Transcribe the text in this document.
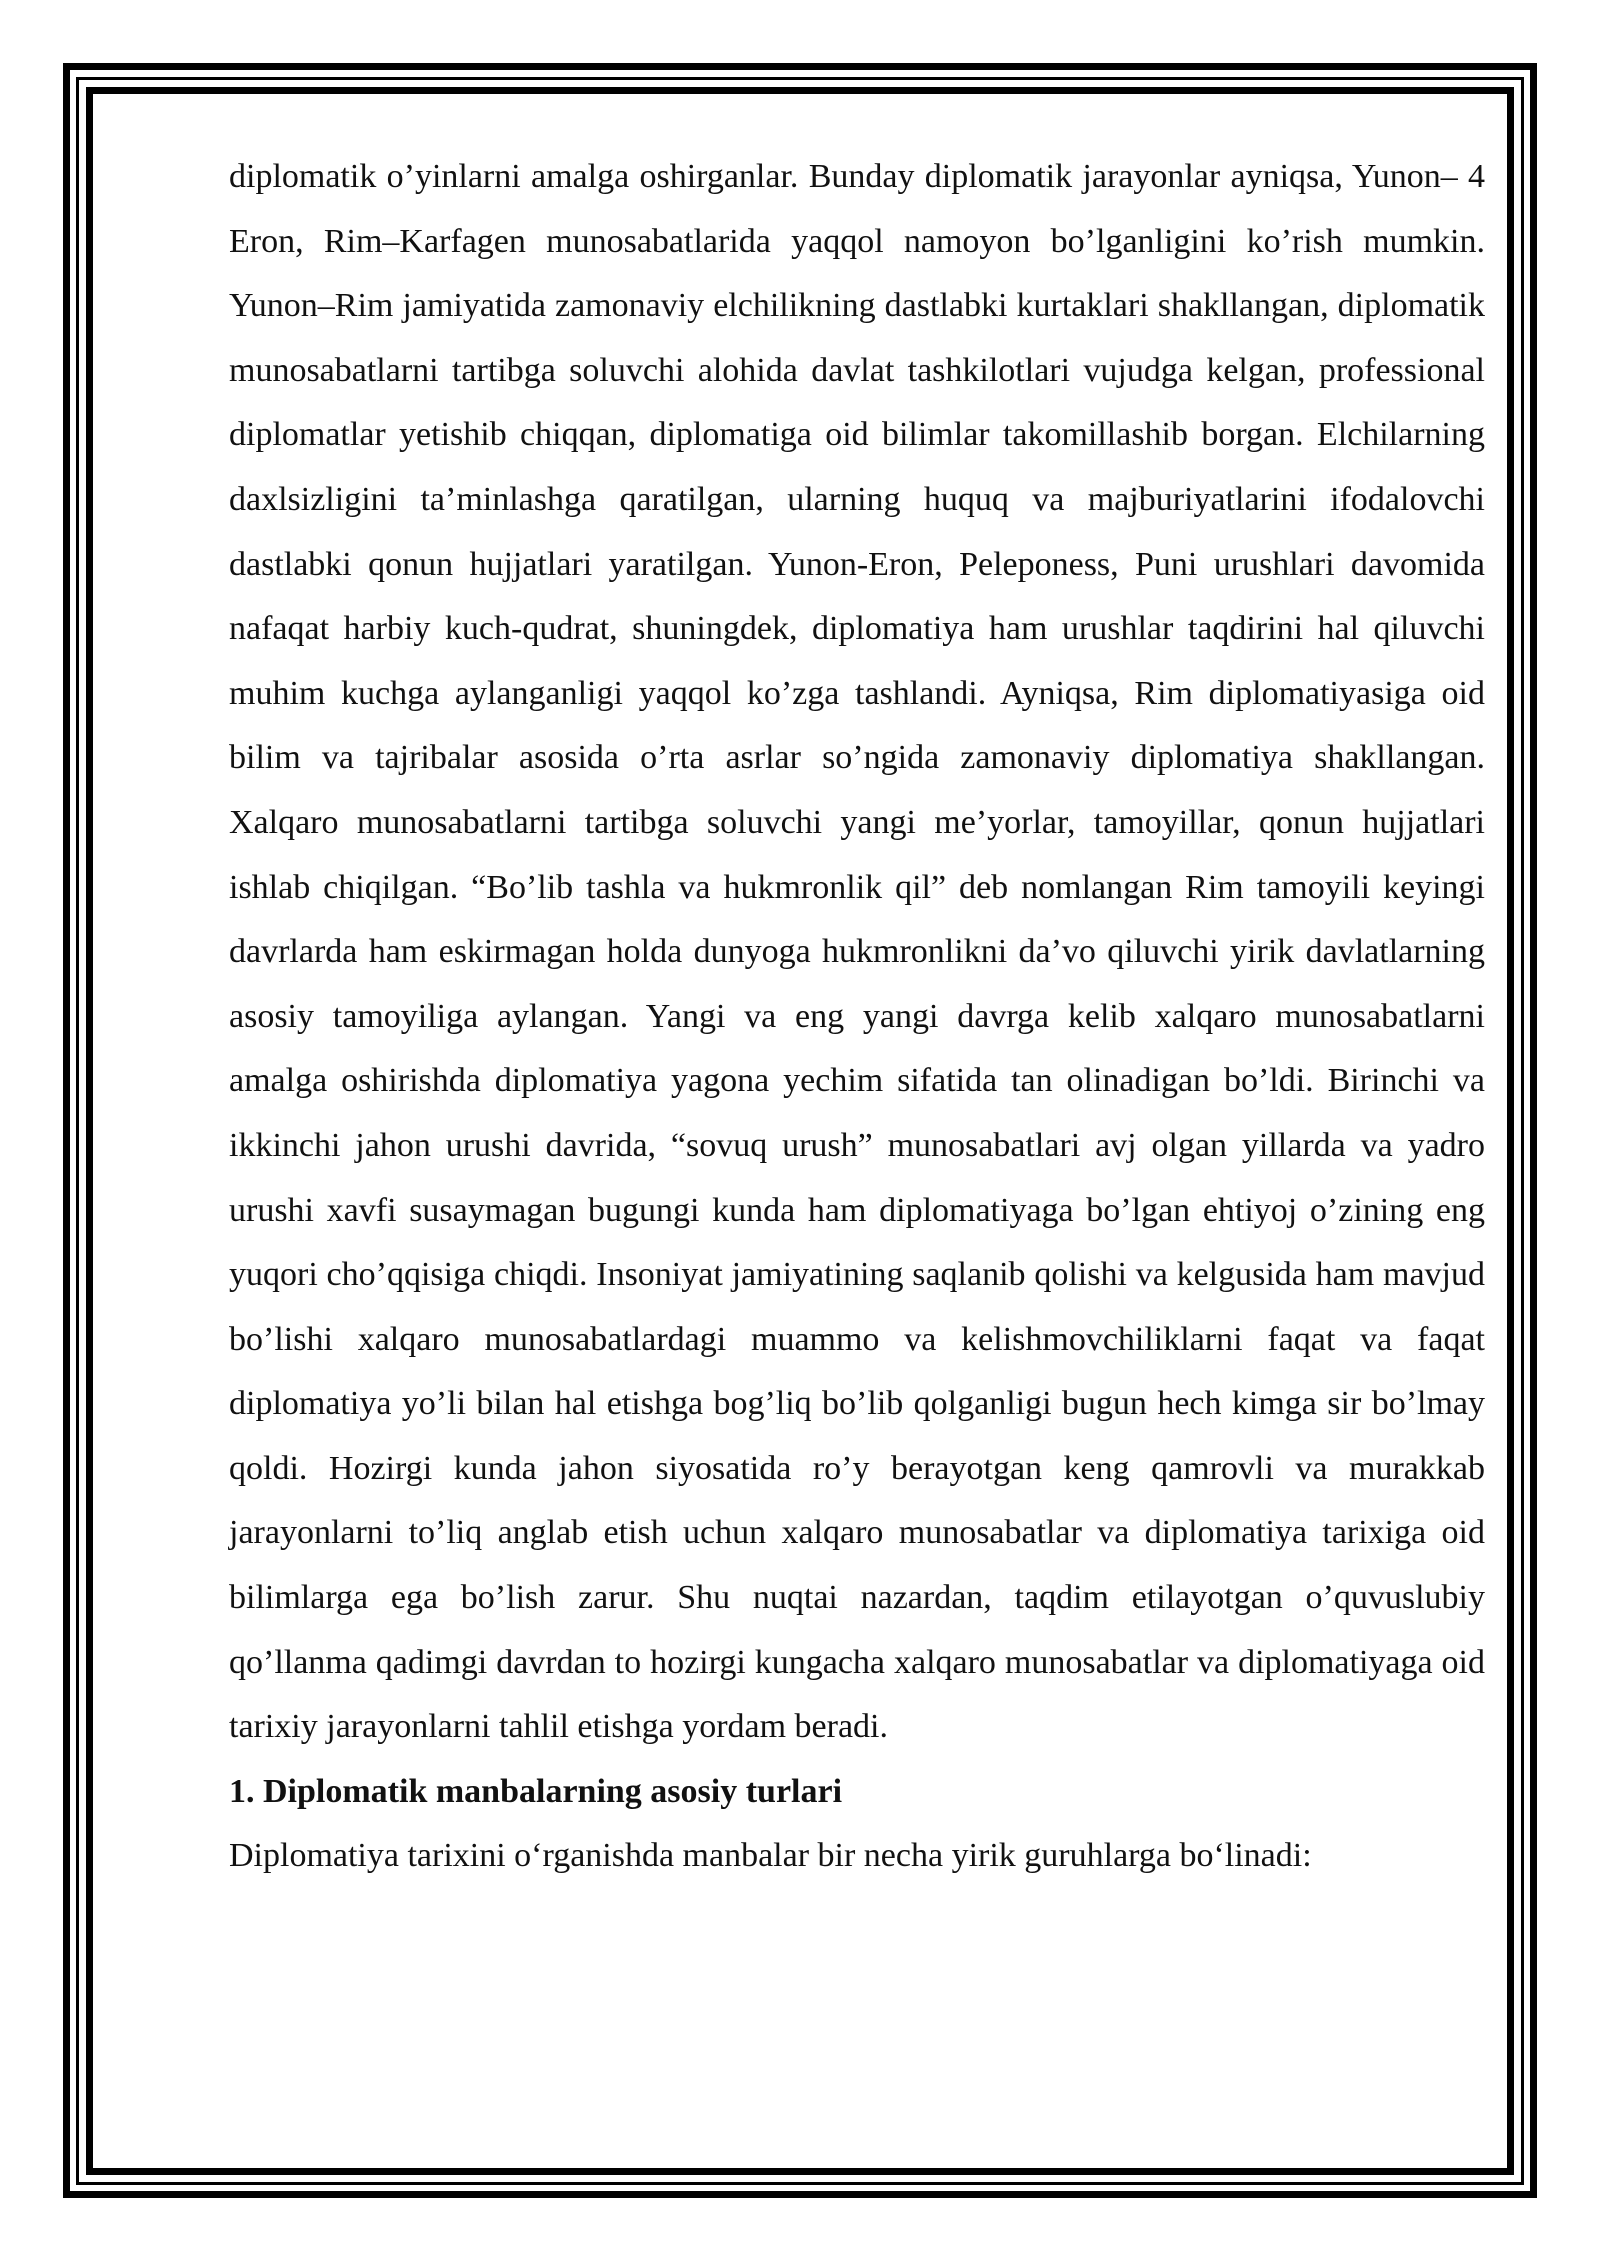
diplomatik o’yinlarni amalga oshirganlar. Bunday diplomatik jarayonlar ayniqsa, Yunon– 4 Eron, Rim–Karfagen munosabatlarida yaqqol namoyon bo’lganligini ko’rish mumkin. Yunon–Rim jamiyatida zamonaviy elchilikning dastlabki kurtaklari shakllangan, diplomatik munosabatlarni tartibga soluvchi alohida davlat tashkilotlari vujudga kelgan, professional diplomatlar yetishib chiqqan, diplomatiga oid bilimlar takomillashib borgan. Elchilarning daxlsizligini ta’minlashga qaratilgan, ularning huquq va majburiyatlarini ifodalovchi dastlabki qonun hujjatlari yaratilgan. Yunon-Eron, Peleponess, Puni urushlari davomida nafaqat harbiy kuch-qudrat, shuningdek, diplomatiya ham urushlar taqdirini hal qiluvchi muhim kuchga aylanganligi yaqqol ko’zga tashlandi. Ayniqsa, Rim diplomatiyasiga oid bilim va tajribalar asosida o’rta asrlar so’ngida zamonaviy diplomatiya shakllangan. Xalqaro munosabatlarni tartibga soluvchi yangi me’yorlar, tamoyillar, qonun hujjatlari ishlab chiqilgan. “Bo’lib tashla va hukmronlik qil” deb nomlangan Rim tamoyili keyingi davrlarda ham eskirmagan holda dunyoga hukmronlikni da’vo qiluvchi yirik davlatlarning asosiy tamoyiliga aylangan. Yangi va eng yangi davrga kelib xalqaro munosabatlarni amalga oshirishda diplomatiya yagona yechim sifatida tan olinadigan bo’ldi. Birinchi va ikkinchi jahon urushi davrida, “sovuq urush” munosabatlari avj olgan yillarda va yadro urushi xavfi susaymagan bugungi kunda ham diplomatiyaga bo’lgan ehtiyoj o’zining eng yuqori cho’qqisiga chiqdi. Insoniyat jamiyatining saqlanib qolishi va kelgusida ham mavjud bo’lishi xalqaro munosabatlardagi muammo va kelishmovchiliklarni faqat va faqat diplomatiya yo’li bilan hal etishga bog’liq bo’lib qolganligi bugun hech kimga sir bo’lmay qoldi. Hozirgi kunda jahon siyosatida ro’y berayotgan keng qamrovli va murakkab jarayonlarni to’liq anglab etish uchun xalqaro munosabatlar va diplomatiya tarixiga oid bilimlarga ega bo’lish zarur. Shu nuqtai nazardan, taqdim etilayotgan o’quvuslubiy qo’llanma qadimgi davrdan to hozirgi kungacha xalqaro munosabatlar va diplomatiyaga oid tarixiy jarayonlarni tahlil etishga yordam beradi.

1. Diplomatik manbalarning asosiy turlari

Diplomatiya tarixini o‘rganishda manbalar bir necha yirik guruhlarga bo‘linadi:
